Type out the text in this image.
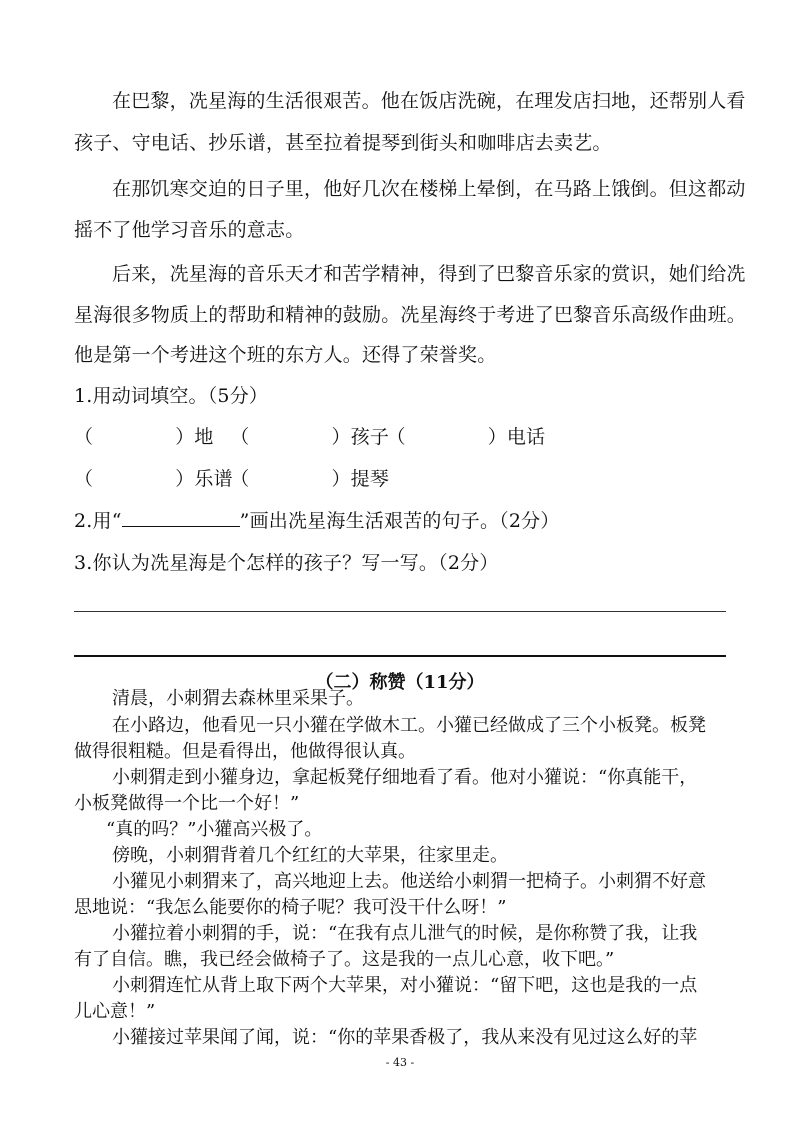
在巴黎，冼星海的生活很艰苦。他在饭店洗碗，在理发店扫地，还帮别人看
孩子、守电话、抄乐谱，甚至拉着提琴到街头和咖啡店去卖艺。
在那饥寒交迫的日子里，他好几次在楼梯上晕倒，在马路上饿倒。但这都动
摇不了他学习音乐的意志。
后来，冼星海的音乐天才和苦学精神，得到了巴黎音乐家的赏识，她们给冼
星海很多物质上的帮助和精神的鼓励。冼星海终于考进了巴黎音乐高级作曲班。
他是第一个考进这个班的东方人。还得了荣誉奖。
1.用动词填空。（5分）
（	）地 （	）孩子 （	）电话
（	）乐谱 （	）提琴
2.用“	”画出冼星海生活艰苦的句子。（2分）
3.你认为冼星海是个怎样的孩子？写一写。（2分）
（二）称赞（11分）
清晨，小刺猬去森林里采果子。
在小路边，他看见一只小獾在学做木工。小獾已经做成了三个小板凳。板凳
做得很粗糙。但是看得出，他做得很认真。
小刺猬走到小獾身边，拿起板凳仔细地看了看。他对小獾说：“你真能干，
小板凳做得一个比一个好！”
“真的吗？”小獾高兴极了。
傍晚，小刺猬背着几个红红的大苹果，往家里走。
小獾见小刺猬来了，高兴地迎上去。他送给小刺猬一把椅子。小刺猬不好意
思地说：“我怎么能要你的椅子呢？我可没干什么呀！”
小獾拉着小刺猬的手，说：“在我有点儿泄气的时候，是你称赞了我，让我
有了自信。瞧，我已经会做椅子了。这是我的一点儿心意，收下吧。”
小刺猬连忙从背上取下两个大苹果，对小獾说：“留下吧，这也是我的一点
儿心意！”
小獾接过苹果闻了闻，说：“你的苹果香极了，我从来没有见过这么好的苹
- 43 -
